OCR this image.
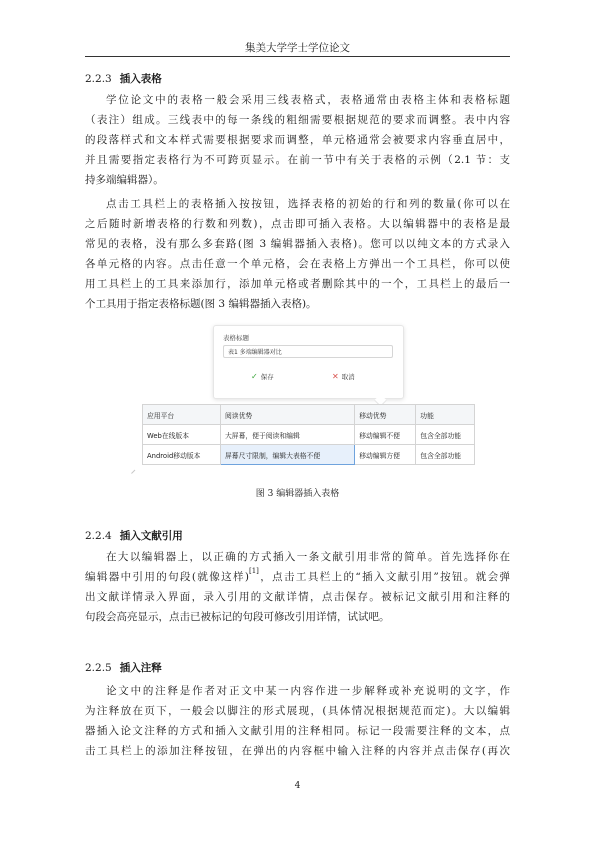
集美大学学士学位论文
2.2.3 插入表格
学位论文中的表格一般会采用三线表格式，表格通常由表格主体和表格标题
（表注）组成。三线表中的每一条线的粗细需要根据规范的要求而调整。表中内容
的段落样式和文本样式需要根据要求而调整，单元格通常会被要求内容垂直居中，
并且需要指定表格行为不可跨页显示。在前一节中有关于表格的示例（2.1 节：支
持多端编辑器）。
点击工具栏上的表格插入按按钮，选择表格的初始的行和列的数量(你可以在
之后随时新增表格的行数和列数)，点击即可插入表格。大以编辑器中的表格是最
常见的表格，没有那么多套路(图 3 编辑器插入表格)。您可以以纯文本的方式录入
各单元格的内容。点击任意一个单元格，会在表格上方弹出一个工具栏，你可以使
用工具栏上的工具来添加行，添加单元格或者删除其中的一个，工具栏上的最后一
个工具用于指定表格标题(图 3 编辑器插入表格)。
表格标题
表1 多端编辑器对比
✓ 保存	✕ 取消
应用平台	阅读优势	移动优势	功能
Web在线版本	大屏幕，便于阅读和编辑	移动编辑不便	包含全部功能
Android移动版本	屏幕尺寸限制，编辑大表格不便	移动编辑方便	包含全部功能
图 3 编辑器插入表格
2.2.4 插入文献引用
在大以编辑器上，以正确的方式插入一条文献引用非常的简单。首先选择你在
编辑器中引用的句段(就像这样)[1]，点击工具栏上的“插入文献引用”按钮。就会弹
出文献详情录入界面，录入引用的文献详情，点击保存。被标记文献引用和注释的
句段会高亮显示，点击已被标记的句段可修改引用详情，试试吧。
2.2.5 插入注释
论文中的注释是作者对正文中某一内容作进一步解释或补充说明的文字，作
为注释放在页下，一般会以脚注的形式展现，(具体情况根据规范而定)。大以编辑
器插入论文注释的方式和插入文献引用的注释相同。标记一段需要注释的文本，点
击工具栏上的添加注释按钮，在弹出的内容框中输入注释的内容并点击保存(再次
4
